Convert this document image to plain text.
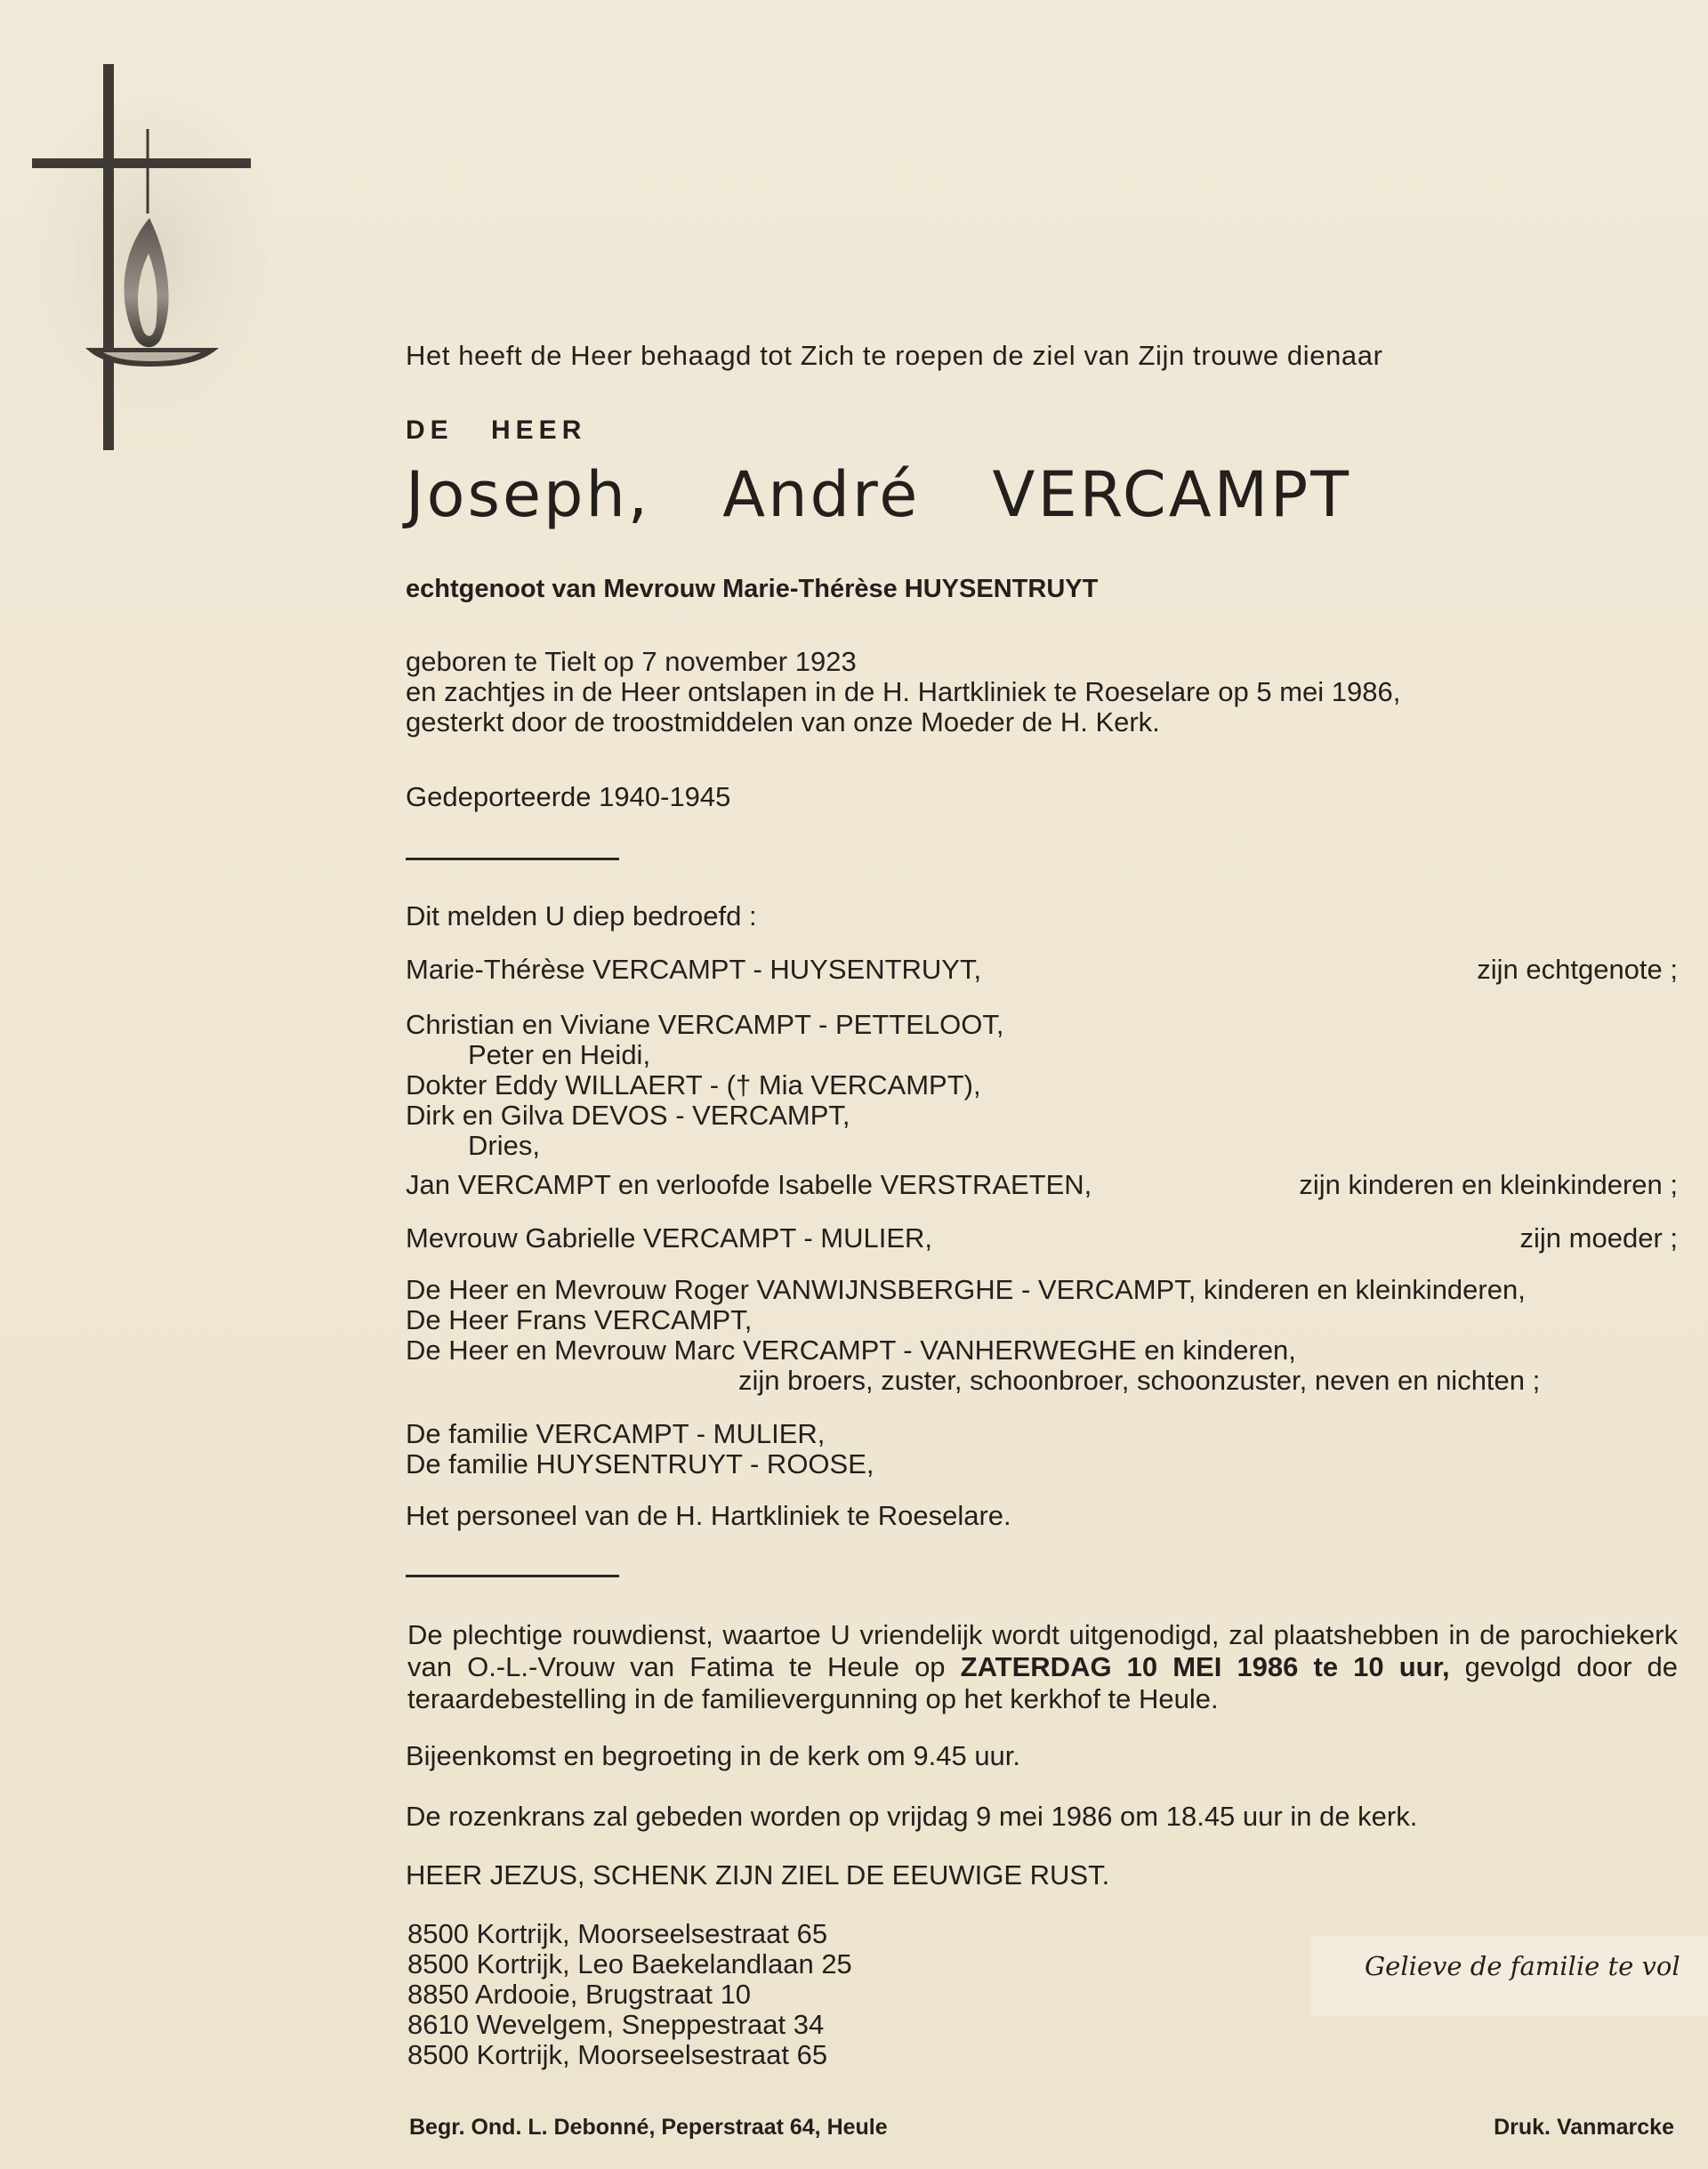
Het heeft de Heer behaagd tot Zich te roepen de ziel van Zijn trouwe dienaar
DE HEER
Joseph, André VERCAMPT
echtgenoot van Mevrouw Marie-Thérèse HUYSENTRUYT
geboren te Tielt op 7 november 1923
en zachtjes in de Heer ontslapen in de H. Hartkliniek te Roeselare op 5 mei 1986,
gesterkt door de troostmiddelen van onze Moeder de H. Kerk.
Gedeporteerde 1940-1945
Dit melden U diep bedroefd :
Marie-Thérèse VERCAMPT - HUYSENTRUYT,	zijn echtgenote ;
Christian en Viviane VERCAMPT - PETTELOOT,
Peter en Heidi,
Dokter Eddy WILLAERT - († Mia VERCAMPT),
Dirk en Gilva DEVOS - VERCAMPT,
Dries,
Jan VERCAMPT en verloofde Isabelle VERSTRAETEN,	zijn kinderen en kleinkinderen ;
Mevrouw Gabrielle VERCAMPT - MULIER,	zijn moeder ;
De Heer en Mevrouw Roger VANWIJNSBERGHE - VERCAMPT, kinderen en kleinkinderen,
De Heer Frans VERCAMPT,
De Heer en Mevrouw Marc VERCAMPT - VANHERWEGHE en kinderen,
zijn broers, zuster, schoonbroer, schoonzuster, neven en nichten ;
De familie VERCAMPT - MULIER,
De familie HUYSENTRUYT - ROOSE,
Het personeel van de H. Hartkliniek te Roeselare.
De plechtige rouwdienst, waartoe U vriendelijk wordt uitgenodigd, zal plaatshebben in de parochiekerk van O.-L.-Vrouw van Fatima te Heule op ZATERDAG 10 MEI 1986 te 10 uur, gevolgd door de teraardebestelling in de familievergunning op het kerkhof te Heule.
Bijeenkomst en begroeting in de kerk om 9.45 uur.
De rozenkrans zal gebeden worden op vrijdag 9 mei 1986 om 18.45 uur in de kerk.
HEER JEZUS, SCHENK ZIJN ZIEL DE EEUWIGE RUST.
8500 Kortrijk, Moorseelsestraat 65
8500 Kortrijk, Leo Baekelandlaan 25
8850 Ardooie, Brugstraat 10
8610 Wevelgem, Sneppestraat 34
8500 Kortrijk, Moorseelsestraat 65
Gelieve de familie te vol
Begr. Ond. L. Debonné, Peperstraat 64, Heule	Druk. Vanmarcke
